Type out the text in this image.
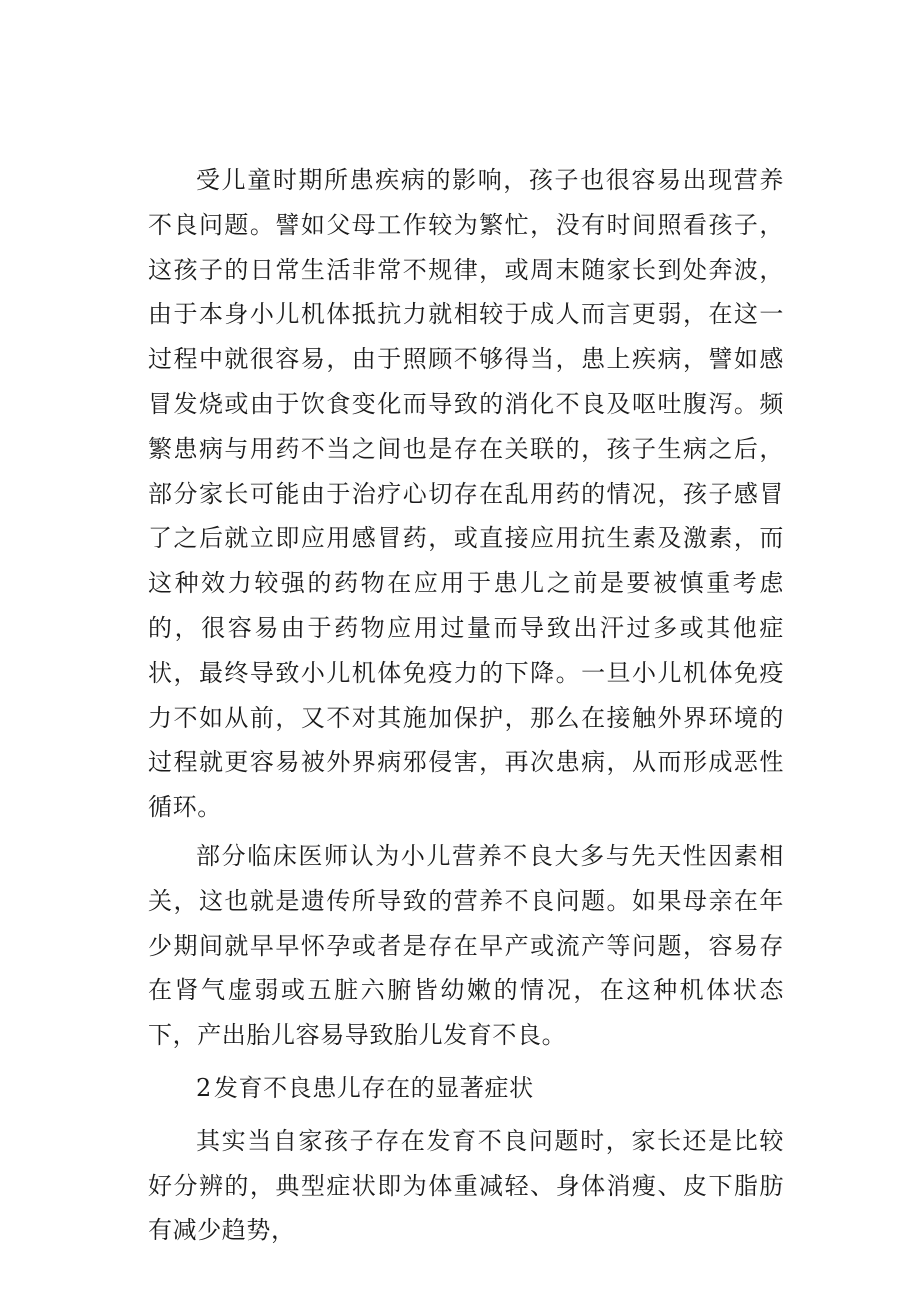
受儿童时期所患疾病的影响，孩子也很容易出现营养不良问题。譬如父母工作较为繁忙，没有时间照看孩子，这孩子的日常生活非常不规律，或周末随家长到处奔波，由于本身小儿机体抵抗力就相较于成人而言更弱，在这一过程中就很容易，由于照顾不够得当，患上疾病，譬如感冒发烧或由于饮食变化而导致的消化不良及呕吐腹泻。频繁患病与用药不当之间也是存在关联的，孩子生病之后，部分家长可能由于治疗心切存在乱用药的情况，孩子感冒了之后就立即应用感冒药，或直接应用抗生素及激素，而这种效力较强的药物在应用于患儿之前是要被慎重考虑的，很容易由于药物应用过量而导致出汗过多或其他症状，最终导致小儿机体免疫力的下降。一旦小儿机体免疫力不如从前，又不对其施加保护，那么在接触外界环境的过程就更容易被外界病邪侵害，再次患病，从而形成恶性循环。

部分临床医师认为小儿营养不良大多与先天性因素相关，这也就是遗传所导致的营养不良问题。如果母亲在年少期间就早早怀孕或者是存在早产或流产等问题，容易存在肾气虚弱或五脏六腑皆幼嫩的情况，在这种机体状态下，产出胎儿容易导致胎儿发育不良。

2发育不良患儿存在的显著症状

其实当自家孩子存在发育不良问题时，家长还是比较好分辨的，典型症状即为体重减轻、身体消瘦、皮下脂肪有减少趋势，
